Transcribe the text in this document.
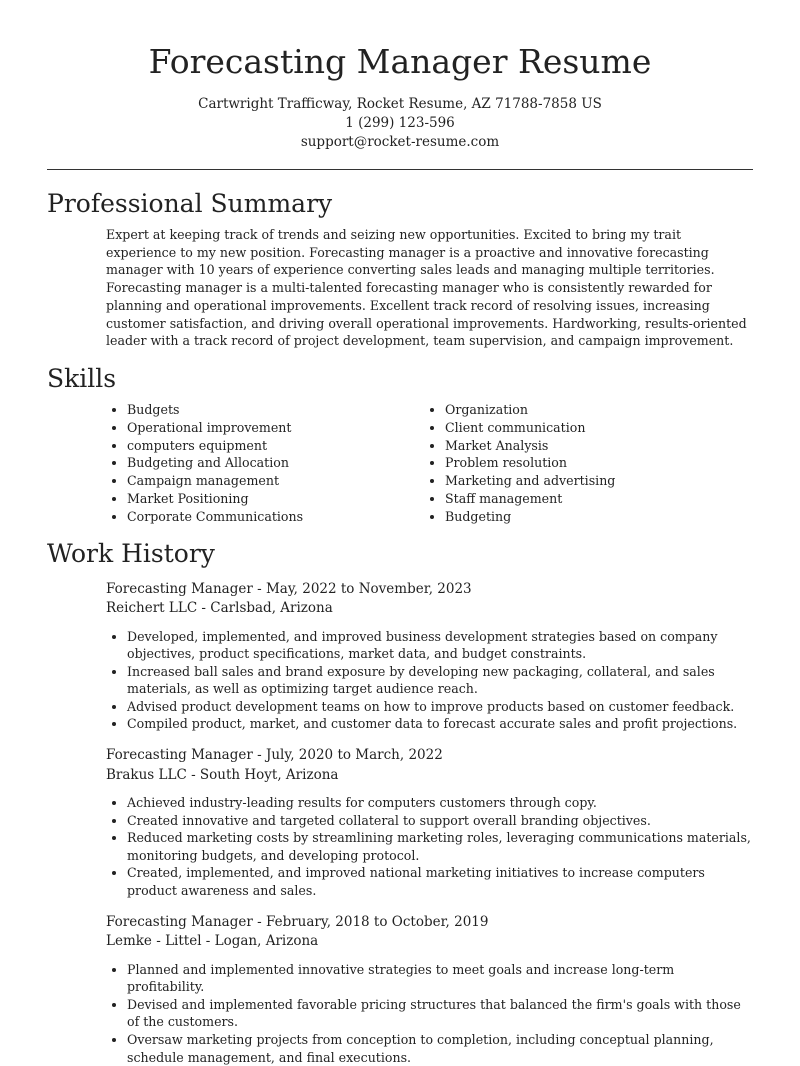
Forecasting Manager Resume
Cartwright Trafficway, Rocket Resume, AZ 71788-7858 US
1 (299) 123-596
support@rocket-resume.com
Professional Summary

Expert at keeping track of trends and seizing new opportunities. Excited to bring my trait experience to my new position. Forecasting manager is a proactive and innovative forecasting manager with 10 years of experience converting sales leads and managing multiple territories. Forecasting manager is a multi-talented forecasting manager who is consistently rewarded for planning and operational improvements. Excellent track record of resolving issues, increasing customer satisfaction, and driving overall operational improvements. Hardworking, results-oriented leader with a track record of project development, team supervision, and campaign improvement.

Skills
• Budgets
• Operational improvement
• computers equipment
• Budgeting and Allocation
• Campaign management
• Market Positioning
• Corporate Communications
• Organization
• Client communication
• Market Analysis
• Problem resolution
• Marketing and advertising
• Staff management
• Budgeting
Work History
Forecasting Manager - May, 2022 to November, 2023
Reichert LLC - Carlsbad, Arizona
• Developed, implemented, and improved business development strategies based on company objectives, product specifications, market data, and budget constraints.
• Increased ball sales and brand exposure by developing new packaging, collateral, and sales materials, as well as optimizing target audience reach.
• Advised product development teams on how to improve products based on customer feedback.
• Compiled product, market, and customer data to forecast accurate sales and profit projections.
Forecasting Manager - July, 2020 to March, 2022
Brakus LLC - South Hoyt, Arizona
• Achieved industry-leading results for computers customers through copy.
• Created innovative and targeted collateral to support overall branding objectives.
• Reduced marketing costs by streamlining marketing roles, leveraging communications materials, monitoring budgets, and developing protocol.
• Created, implemented, and improved national marketing initiatives to increase computers product awareness and sales.
Forecasting Manager - February, 2018 to October, 2019
Lemke - Littel - Logan, Arizona
• Planned and implemented innovative strategies to meet goals and increase long-term profitability.
• Devised and implemented favorable pricing structures that balanced the firm's goals with those of the customers.
• Oversaw marketing projects from conception to completion, including conceptual planning, schedule management, and final executions.
